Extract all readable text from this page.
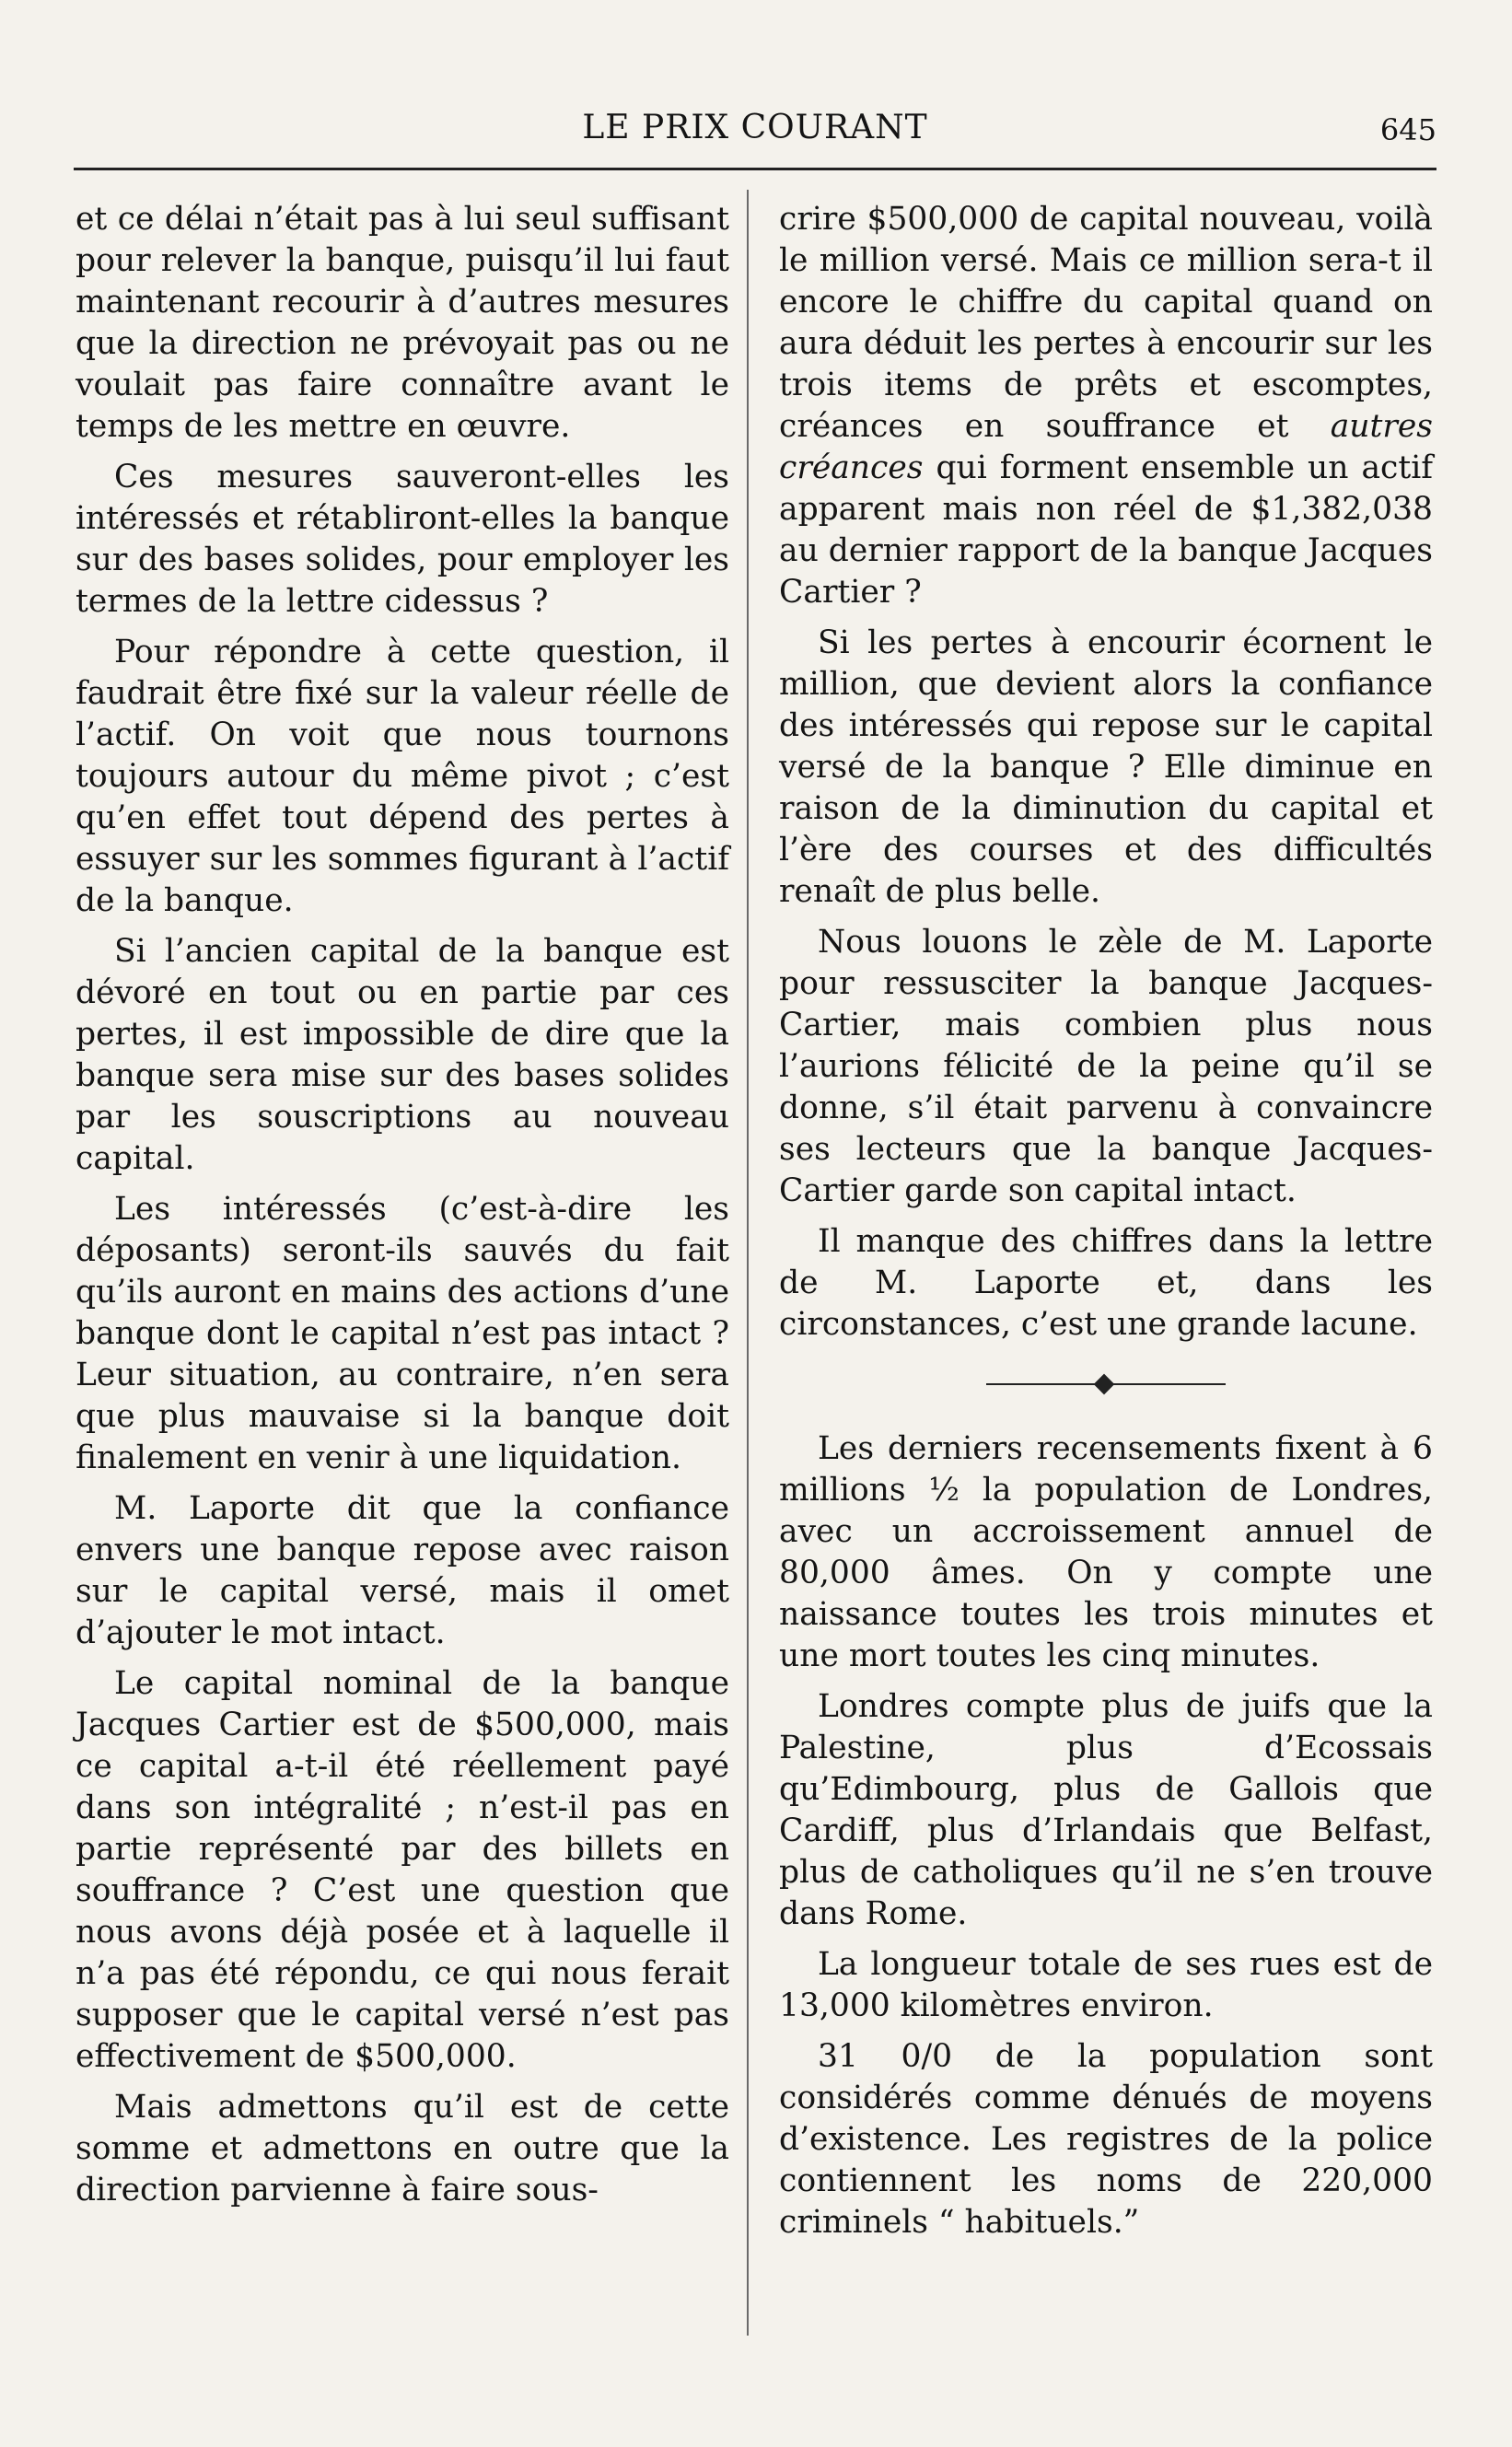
LE PRIX COURANT	645

et ce délai n’était pas à lui seul suffisant pour relever la banque, puisqu’il lui faut maintenant recourir à d’autres mesures que la direction ne prévoyait pas ou ne voulait pas faire connaître avant le temps de les mettre en œuvre.

Ces mesures sauveront-elles les intéressés et rétabliront-elles la banque sur des bases solides, pour employer les termes de la lettre cidessus ?

Pour répondre à cette question, il faudrait être fixé sur la valeur réelle de l’actif. On voit que nous tournons toujours autour du même pivot ; c’est qu’en effet tout dépend des pertes à essuyer sur les sommes figurant à l’actif de la banque.

Si l’ancien capital de la banque est dévoré en tout ou en partie par ces pertes, il est impossible de dire que la banque sera mise sur des bases solides par les souscriptions au nouveau capital.

Les intéressés (c’est-à-dire les déposants) seront-ils sauvés du fait qu’ils auront en mains des actions d’une banque dont le capital n’est pas intact ? Leur situation, au contraire, n’en sera que plus mauvaise si la banque doit finalement en venir à une liquidation.

M. Laporte dit que la confiance envers une banque repose avec raison sur le capital versé, mais il omet d’ajouter le mot intact.

Le capital nominal de la banque Jacques Cartier est de $500,000, mais ce capital a-t-il été réellement payé dans son intégralité ; n’est-il pas en partie représenté par des billets en souffrance ? C’est une question que nous avons déjà posée et à laquelle il n’a pas été répondu, ce qui nous ferait supposer que le capital versé n’est pas effectivement de $500,000.

Mais admettons qu’il est de cette somme et admettons en outre que la direction parvienne à faire sous-

crire $500,000 de capital nouveau, voilà le million versé. Mais ce million sera-t il encore le chiffre du capital quand on aura déduit les pertes à encourir sur les trois items de prêts et escomptes, créances en souffrance et autres créances qui forment ensemble un actif apparent mais non réel de $1,382,038 au dernier rapport de la banque Jacques Cartier ?

Si les pertes à encourir écornent le million, que devient alors la confiance des intéressés qui repose sur le capital versé de la banque ? Elle diminue en raison de la diminution du capital et l’ère des courses et des difficultés renaît de plus belle.

Nous louons le zèle de M. Laporte pour ressusciter la banque Jacques-Cartier, mais combien plus nous l’aurions félicité de la peine qu’il se donne, s’il était parvenu à convaincre ses lecteurs que la banque Jacques-Cartier garde son capital intact.

Il manque des chiffres dans la lettre de M. Laporte et, dans les circonstances, c’est une grande lacune.

Les derniers recensements fixent à 6 millions ½ la population de Londres, avec un accroissement annuel de 80,000 âmes. On y compte une naissance toutes les trois minutes et une mort toutes les cinq minutes.

Londres compte plus de juifs que la Palestine, plus d’Ecossais qu’Edimbourg, plus de Gallois que Cardiff, plus d’Irlandais que Belfast, plus de catholiques qu’il ne s’en trouve dans Rome.

La longueur totale de ses rues est de 13,000 kilomètres environ.

31 0/0 de la population sont considérés comme dénués de moyens d’existence. Les registres de la police contiennent les noms de 220,000 criminels “ habituels.”
